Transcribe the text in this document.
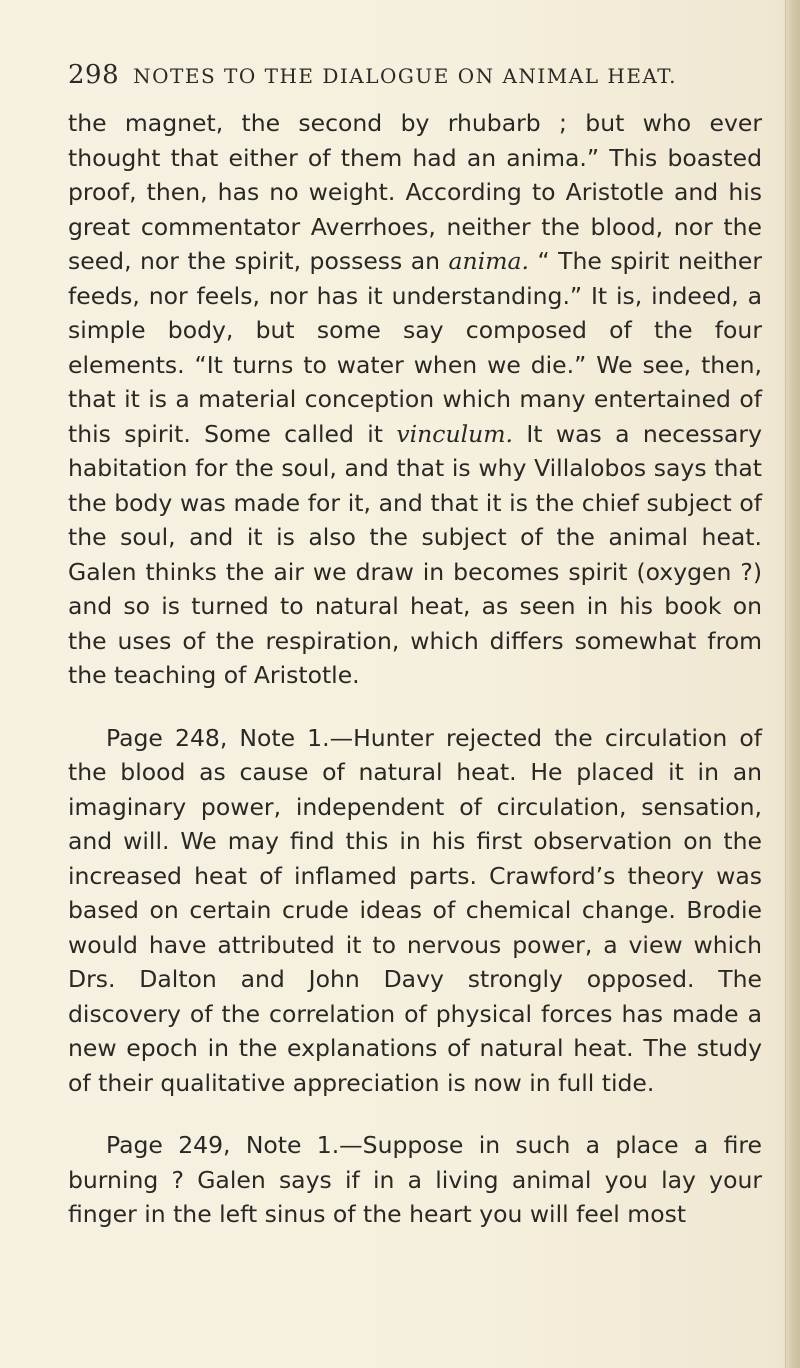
298 NOTES TO THE DIALOGUE ON ANIMAL HEAT.

the magnet, the second by rhubarb ; but who ever thought that either of them had an anima.” This boasted proof, then, has no weight. According to Aristotle and his great commentator Averrhoes, neither the blood, nor the seed, nor the spirit, possess an anima. “ The spirit neither feeds, nor feels, nor has it understanding.” It is, indeed, a simple body, but some say composed of the four elements. “It turns to water when we die.” We see, then, that it is a material conception which many entertained of this spirit. Some called it vinculum. It was a necessary habitation for the soul, and that is why Villalobos says that the body was made for it, and that it is the chief subject of the soul, and it is also the subject of the animal heat. Galen thinks the air we draw in becomes spirit (oxygen ?) and so is turned to natural heat, as seen in his book on the uses of the respiration, which differs somewhat from the teaching of Aristotle.

Page 248, Note 1.—Hunter rejected the circulation of the blood as cause of natural heat. He placed it in an imaginary power, independent of circulation, sensation, and will. We may find this in his first observation on the increased heat of inflamed parts. Crawford’s theory was based on certain crude ideas of chemical change. Brodie would have attributed it to nervous power, a view which Drs. Dalton and John Davy strongly opposed. The discovery of the correlation of physical forces has made a new epoch in the explanations of natural heat. The study of their qualitative appreciation is now in full tide.

Page 249, Note 1.—Suppose in such a place a fire burning ? Galen says if in a living animal you lay your finger in the left sinus of the heart you will feel most
